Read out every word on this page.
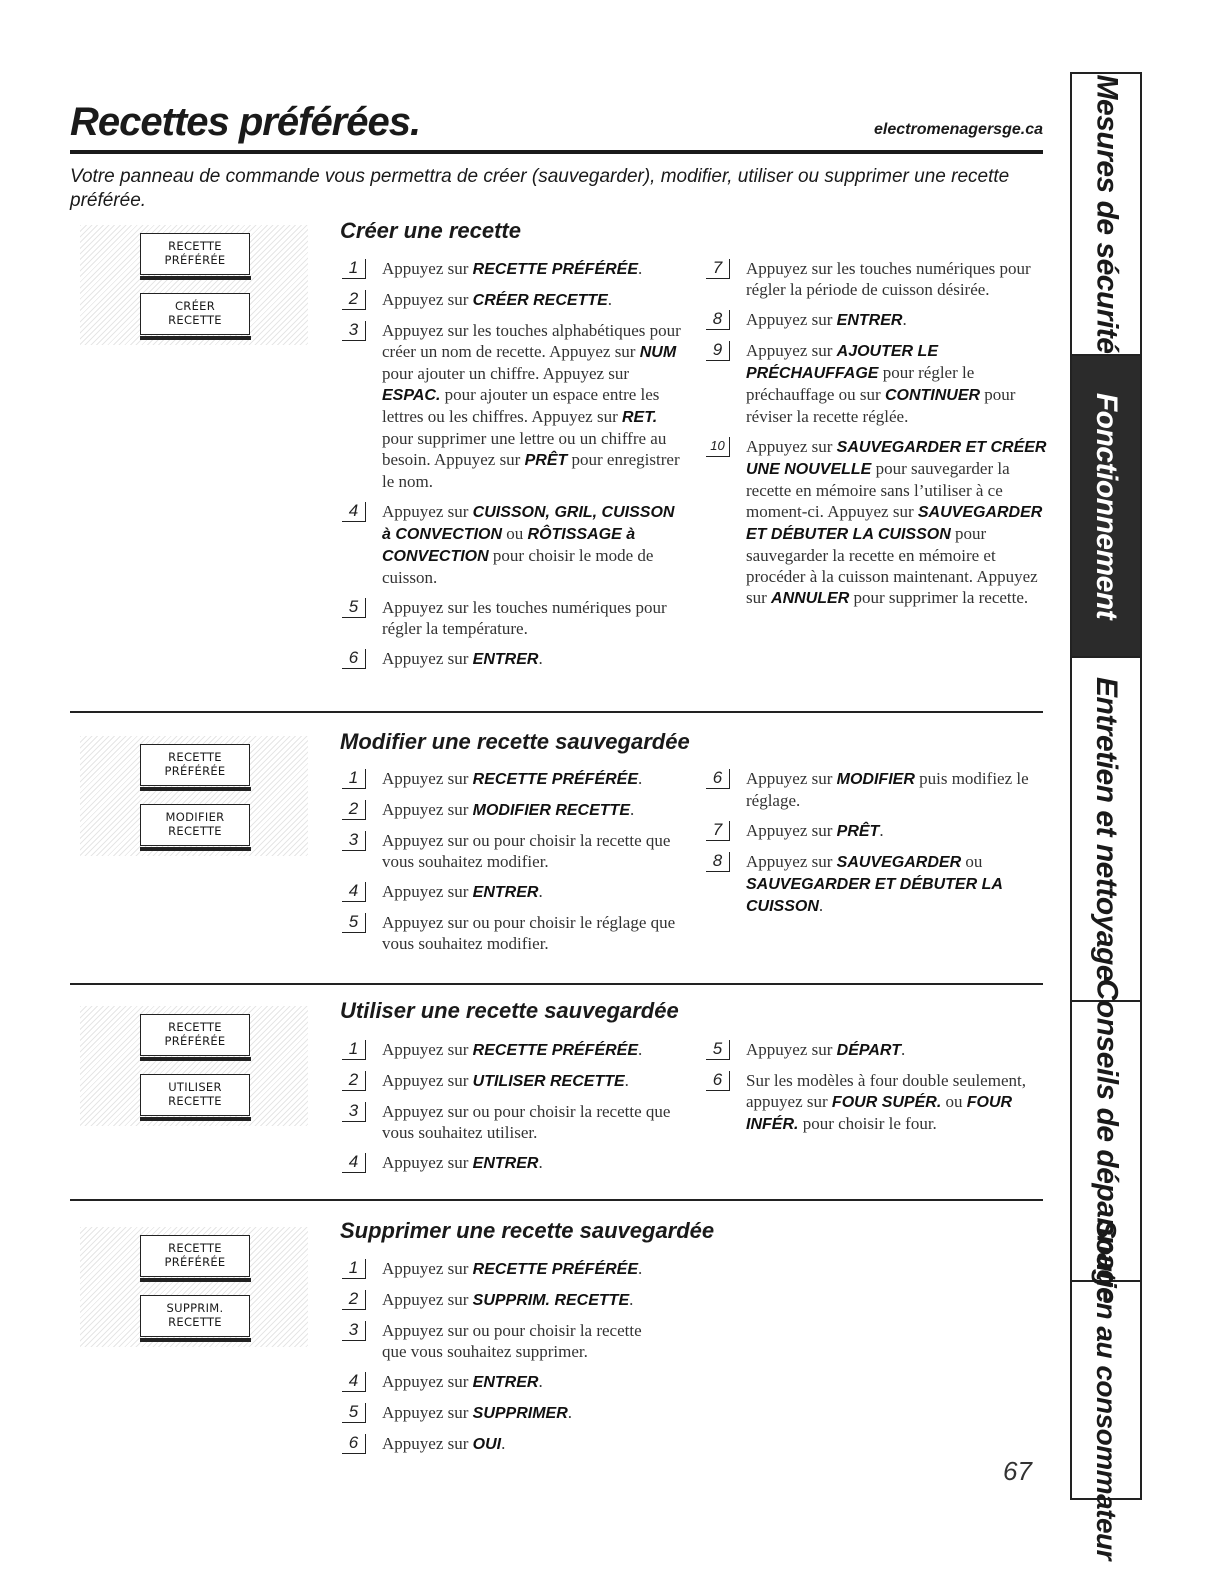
Recettes préférées.	electromenagersge.ca

Votre panneau de commande vous permettra de créer (sauvegarder), modifier, utiliser ou supprimer une recette préférée.

RECETTE
PRÉFÉRÉE
CRÉER
RECETTE
Créer une recette
1	Appuyez sur RECETTE PRÉFÉRÉE.
2	Appuyez sur CRÉER RECETTE.
3	Appuyez sur les touches alphabétiques pour créer un nom de recette. Appuyez sur NUM pour ajouter un chiffre. Appuyez sur ESPAC. pour ajouter un espace entre les lettres ou les chiffres. Appuyez sur RET. pour supprimer une lettre ou un chiffre au besoin. Appuyez sur PRÊT pour enregistrer le nom.
4	Appuyez sur CUISSON, GRIL, CUISSON à CONVECTION ou RÔTISSAGE à CONVECTION pour choisir le mode de cuisson.
5	Appuyez sur les touches numériques pour régler la température.
6	Appuyez sur ENTRER.
7	Appuyez sur les touches numériques pour régler la période de cuisson désirée.
8	Appuyez sur ENTRER.
9	Appuyez sur AJOUTER LE PRÉCHAUFFAGE pour régler le préchauffage ou sur CONTINUER pour réviser la recette réglée.
10	Appuyez sur SAUVEGARDER ET CRÉER UNE NOUVELLE pour sauvegarder la recette en mémoire sans l’utiliser à ce moment-ci. Appuyez sur SAUVEGARDER ET DÉBUTER LA CUISSON pour sauvegarder la recette en mémoire et procéder à la cuisson maintenant. Appuyez sur ANNULER pour supprimer la recette.
RECETTE
PRÉFÉRÉE
MODIFIER
RECETTE
Modifier une recette sauvegardée
1	Appuyez sur RECETTE PRÉFÉRÉE.
2	Appuyez sur MODIFIER RECETTE.
3	Appuyez sur ou pour choisir la recette que vous souhaitez modifier.
4	Appuyez sur ENTRER.
5	Appuyez sur ou pour choisir le réglage que vous souhaitez modifier.
6	Appuyez sur MODIFIER puis modifiez le réglage.
7	Appuyez sur PRÊT.
8	Appuyez sur SAUVEGARDER ou SAUVEGARDER ET DÉBUTER LA CUISSON.
RECETTE
PRÉFÉRÉE
UTILISER
RECETTE
Utiliser une recette sauvegardée
1	Appuyez sur RECETTE PRÉFÉRÉE.
2	Appuyez sur UTILISER RECETTE.
3	Appuyez sur ou pour choisir la recette que vous souhaitez utiliser.
4	Appuyez sur ENTRER.
5	Appuyez sur DÉPART.
6	Sur les modèles à four double seulement, appuyez sur FOUR SUPÉR. ou FOUR INFÉR. pour choisir le four.
RECETTE
PRÉFÉRÉE
SUPPRIM.
RECETTE
Supprimer une recette sauvegardée
1	Appuyez sur RECETTE PRÉFÉRÉE.
2	Appuyez sur SUPPRIM. RECETTE.
3	Appuyez sur ou pour choisir la recette que vous souhaitez supprimer.
4	Appuyez sur ENTRER.
5	Appuyez sur SUPPRIMER.
6	Appuyez sur OUI.
Mesures de sécurité
Fonctionnement
Entretien et nettoyage
Conseils de dépannage
Soutien au consommateur
67
